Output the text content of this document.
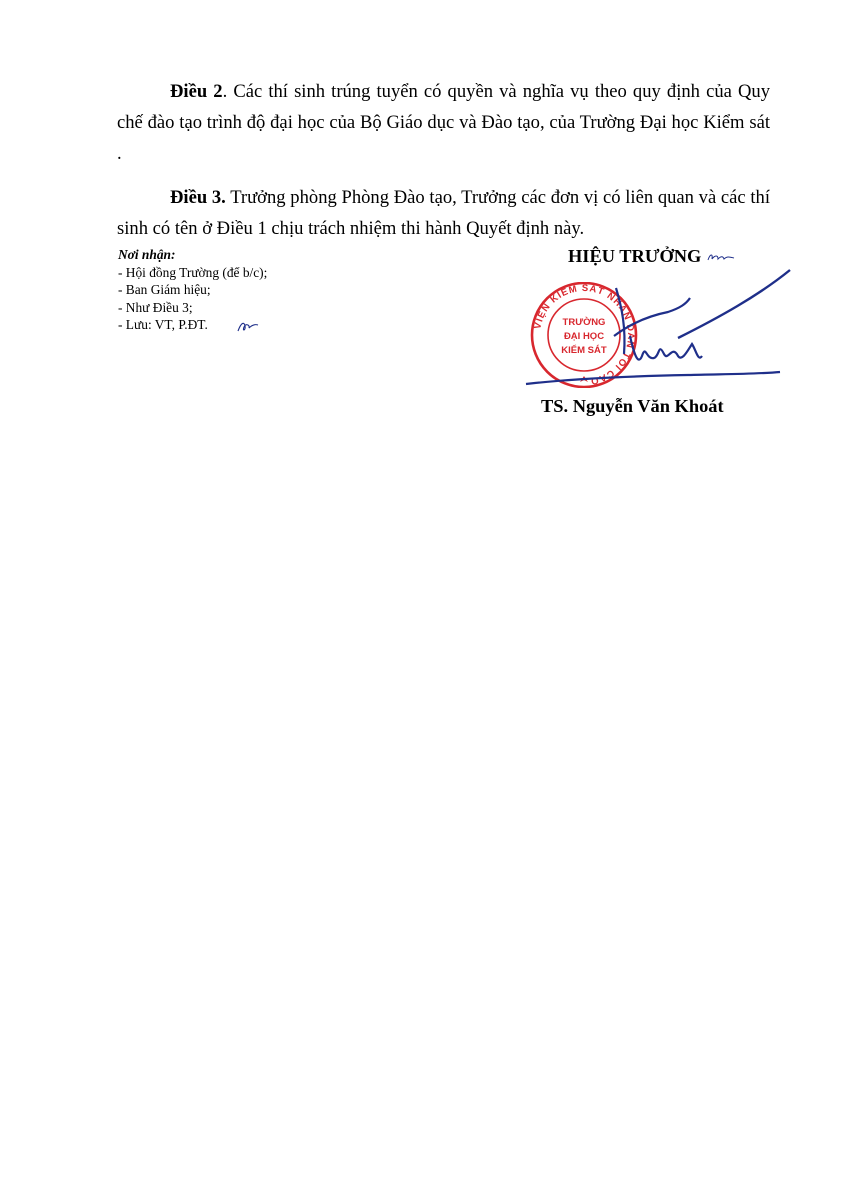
Điều 2. Các thí sinh trúng tuyển có quyền và nghĩa vụ theo quy định của Quy chế đào tạo trình độ đại học của Bộ Giáo dục và Đào tạo, của Trường Đại học Kiểm sát .

Điều 3. Trưởng phòng Phòng Đào tạo, Trưởng các đơn vị có liên quan và các thí sinh có tên ở Điều 1 chịu trách nhiệm thi hành Quyết định này.

Nơi nhận:
- Hội đồng Trường (để b/c);
- Ban Giám hiệu;
- Như Điều 3;
- Lưu: VT, P.ĐT.
HIỆU TRƯỞNG
VIỆN KIỂM SÁT NHÂN DÂN TỐI CAO
TRƯỜNG
ĐẠI HỌC
KIỂM SÁT
TS. Nguyễn Văn Khoát
